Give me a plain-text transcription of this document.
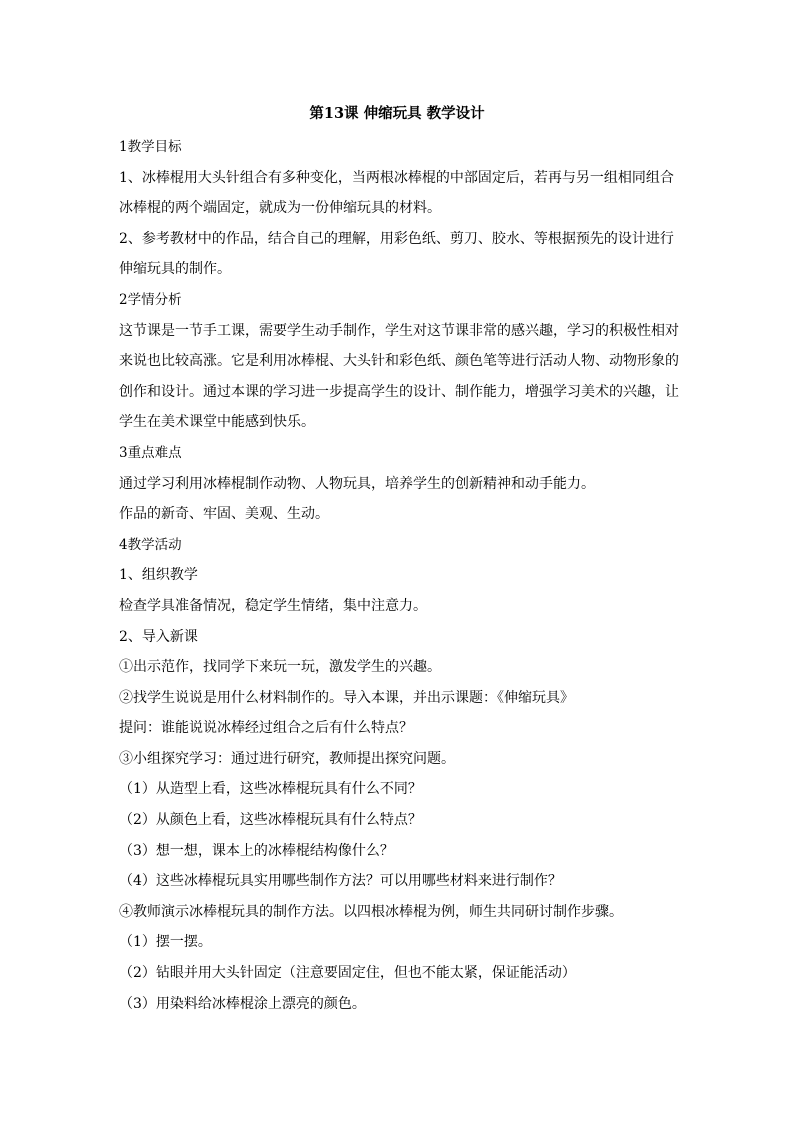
第13课 伸缩玩具 教学设计
1教学目标
1、冰棒棍用大头针组合有多种变化，当两根冰棒棍的中部固定后，若再与另一组相同组合
冰棒棍的两个端固定，就成为一份伸缩玩具的材料。
2、参考教材中的作品，结合自己的理解，用彩色纸、剪刀、胶水、等根据预先的设计进行
伸缩玩具的制作。
2学情分析
这节课是一节手工课，需要学生动手制作，学生对这节课非常的感兴趣，学习的积极性相对
来说也比较高涨。它是利用冰棒棍、大头针和彩色纸、颜色笔等进行活动人物、动物形象的
创作和设计。通过本课的学习进一步提高学生的设计、制作能力，增强学习美术的兴趣，让
学生在美术课堂中能感到快乐。
3重点难点
通过学习利用冰棒棍制作动物、人物玩具，培养学生的创新精神和动手能力。
作品的新奇、牢固、美观、生动。
4教学活动
1、组织教学
检查学具准备情况，稳定学生情绪，集中注意力。
2、导入新课
①出示范作，找同学下来玩一玩，激发学生的兴趣。
②找学生说说是用什么材料制作的。导入本课，并出示课题：《伸缩玩具》
提问：谁能说说冰棒经过组合之后有什么特点？
③小组探究学习：通过进行研究，教师提出探究问题。
（1）从造型上看，这些冰棒棍玩具有什么不同？
（2）从颜色上看，这些冰棒棍玩具有什么特点？
（3）想一想，课本上的冰棒棍结构像什么？
（4）这些冰棒棍玩具实用哪些制作方法？可以用哪些材料来进行制作？
④教师演示冰棒棍玩具的制作方法。以四根冰棒棍为例，师生共同研讨制作步骤。
（1）摆一摆。
（2）钻眼并用大头针固定（注意要固定住，但也不能太紧，保证能活动）
（3）用染料给冰棒棍涂上漂亮的颜色。
